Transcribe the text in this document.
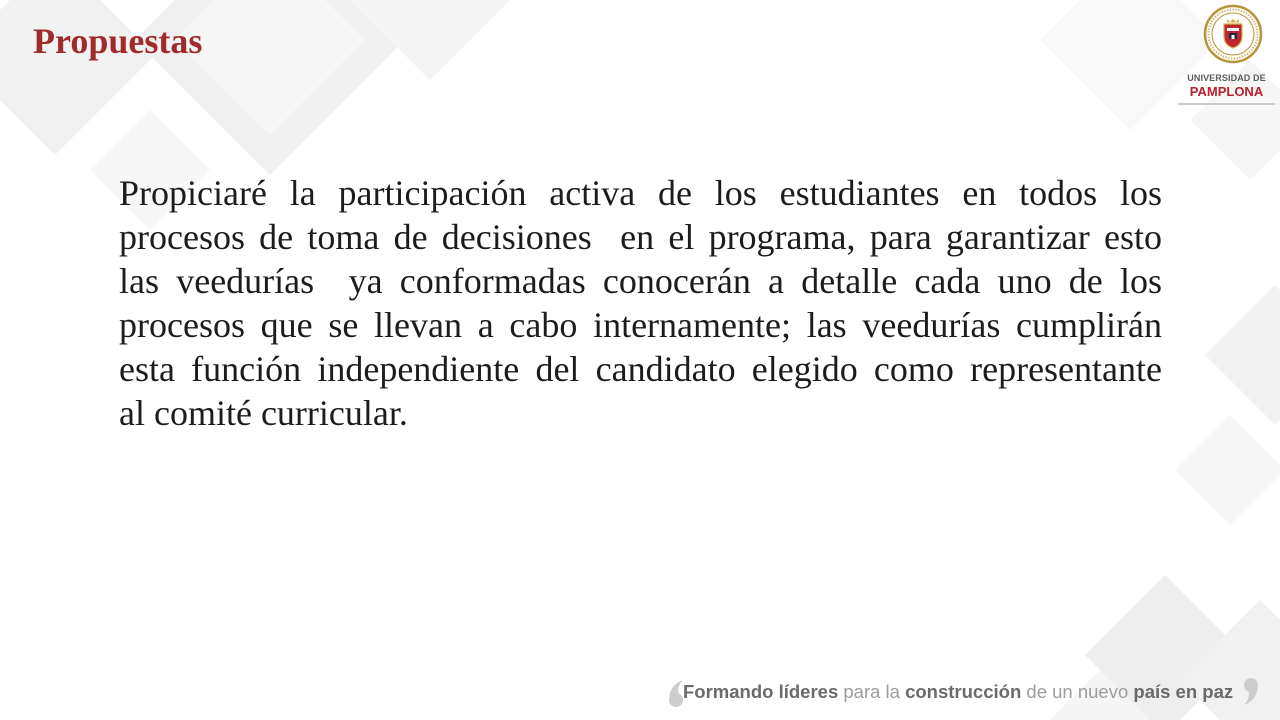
Propuestas
UNIVERSIDAD DE
PAMPLONA
Propiciaré la participación activa de los estudiantes en todos los
procesos de toma de decisiones  en el programa, para garantizar esto
las veedurías  ya conformadas conocerán a detalle cada uno de los
procesos que se llevan a cabo internamente; las veedurías cumplirán
esta función independiente del candidato elegido como representante
al comité curricular.
Formando líderes para la construcción de un nuevo país en paz
